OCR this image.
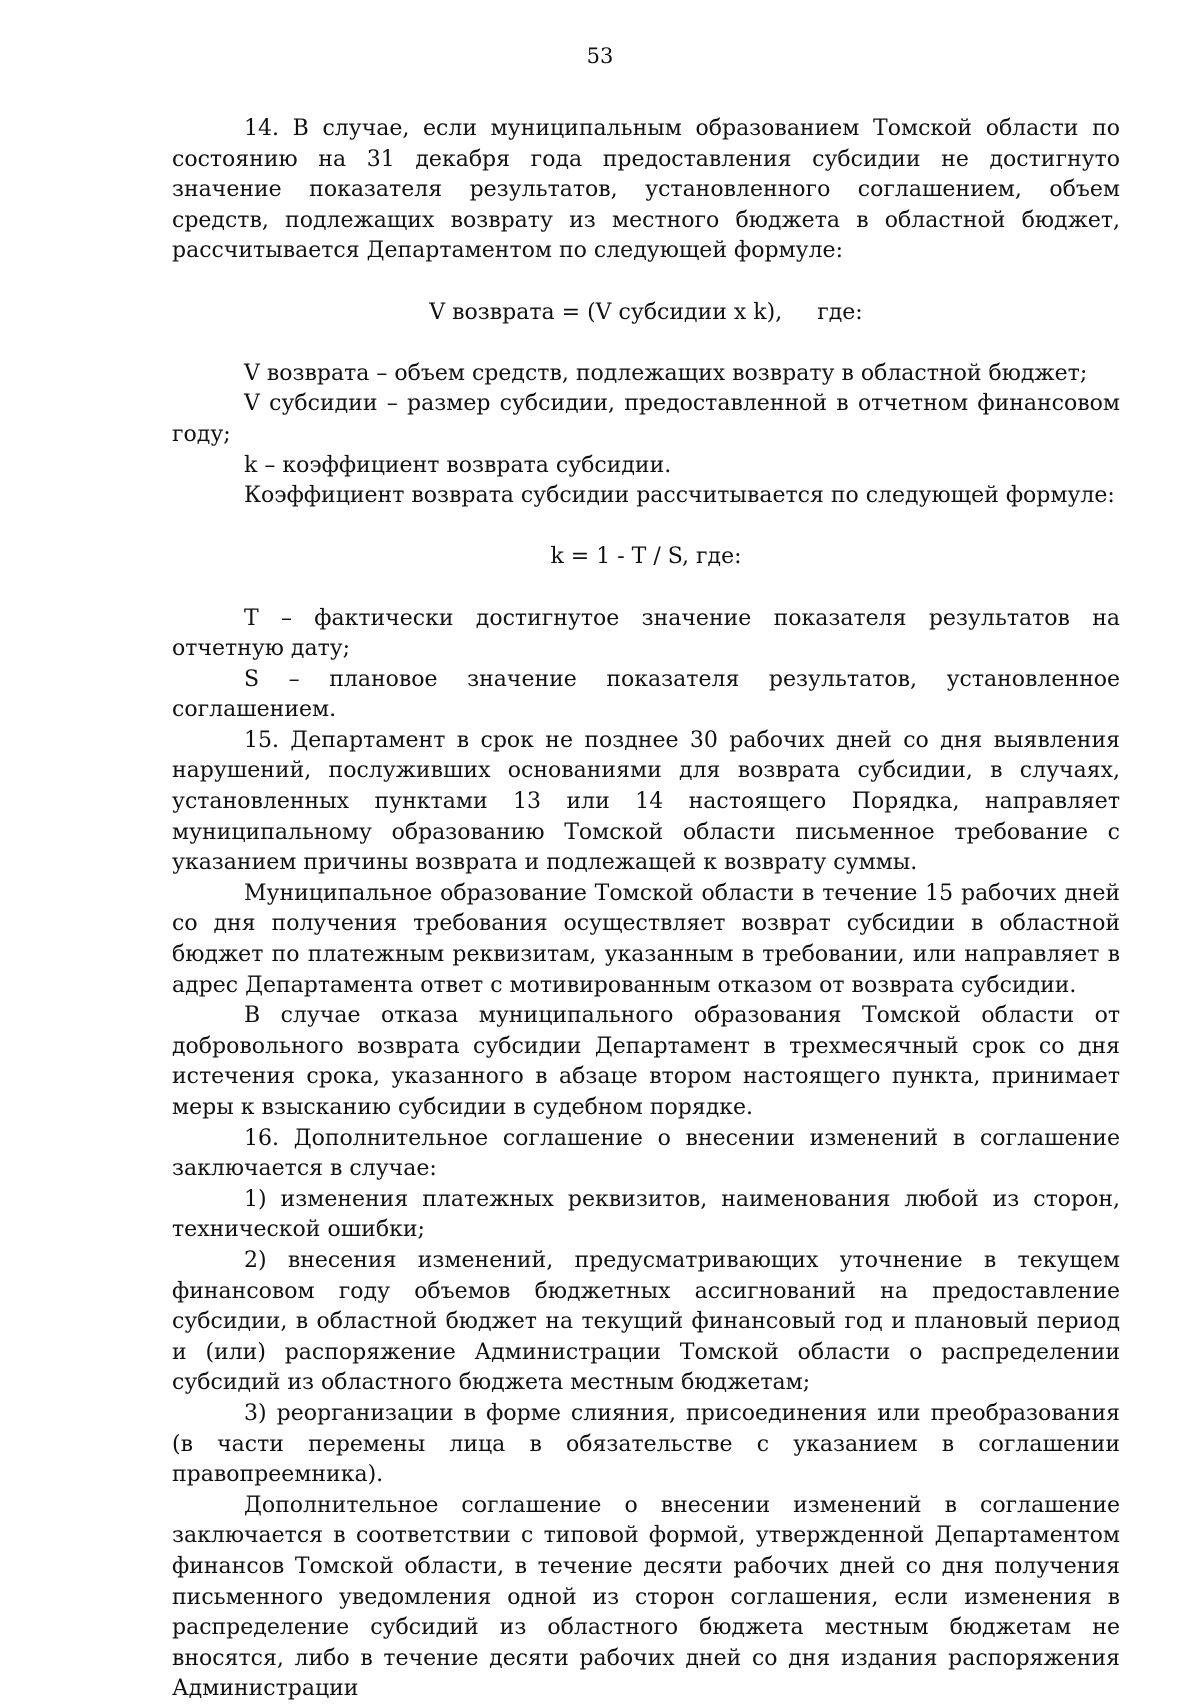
53

14. В случае, если муниципальным образованием Томской области по состоянию на 31 декабря года предоставления субсидии не достигнуто значение показателя результатов, установленного соглашением, объем средств, подлежащих возврату из местного бюджета в областной бюджет, рассчитывается Департаментом по следующей формуле:

V возврата = (V субсидии x k), где:

V возврата – объем средств, подлежащих возврату в областной бюджет;

V субсидии – размер субсидии, предоставленной в отчетном финансовом году;

k – коэффициент возврата субсидии.

Коэффициент возврата субсидии рассчитывается по следующей формуле:

k = 1 - T / S, где:

T – фактически достигнутое значение показателя результатов на отчетную дату;

S – плановое значение показателя результатов, установленное соглашением.

15. Департамент в срок не позднее 30 рабочих дней со дня выявления нарушений, послуживших основаниями для возврата субсидии, в случаях, установленных пунктами 13 или 14 настоящего Порядка, направляет муниципальному образованию Томской области письменное требование с указанием причины возврата и подлежащей к возврату суммы.

Муниципальное образование Томской области в течение 15 рабочих дней со дня получения требования осуществляет возврат субсидии в областной бюджет по платежным реквизитам, указанным в требовании, или направляет в адрес Департамента ответ с мотивированным отказом от возврата субсидии.

В случае отказа муниципального образования Томской области от добровольного возврата субсидии Департамент в трехмесячный срок со дня истечения срока, указанного в абзаце втором настоящего пункта, принимает меры к взысканию субсидии в судебном порядке.

16. Дополнительное соглашение о внесении изменений в соглашение заключается в случае:

1) изменения платежных реквизитов, наименования любой из сторон, технической ошибки;

2) внесения изменений, предусматривающих уточнение в текущем финансовом году объемов бюджетных ассигнований на предоставление субсидии, в областной бюджет на текущий финансовый год и плановый период и (или) распоряжение Администрации Томской области о распределении субсидий из областного бюджета местным бюджетам;

3) реорганизации в форме слияния, присоединения или преобразования (в части перемены лица в обязательстве с указанием в соглашении правопреемника).

Дополнительное соглашение о внесении изменений в соглашение заключается в соответствии с типовой формой, утвержденной Департаментом финансов Томской области, в течение десяти рабочих дней со дня получения письменного уведомления одной из сторон соглашения, если изменения в распределение субсидий из областного бюджета местным бюджетам не вносятся, либо в течение десяти рабочих дней со дня издания распоряжения Администрации
